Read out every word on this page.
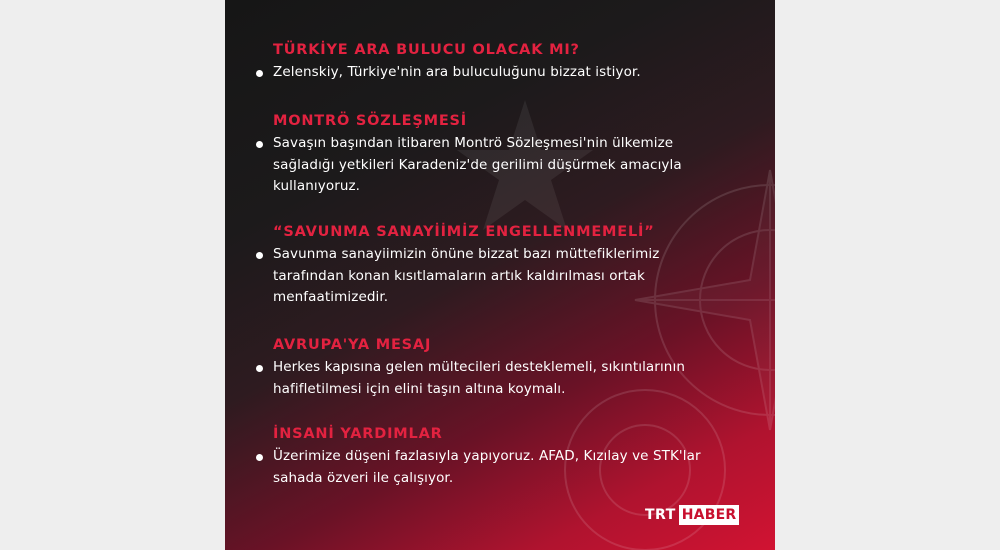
TÜRKİYE ARA BULUCU OLACAK MI?
Zelenskiy, Türkiye'nin ara buluculuğunu bizzat istiyor.
MONTRÖ SÖZLEŞMESİ
Savaşın başından itibaren Montrö Sözleşmesi'nin ülkemize
sağladığı yetkileri Karadeniz'de gerilimi düşürmek amacıyla
kullanıyoruz.
“SAVUNMA SANAYİİMİZ ENGELLENMEMELİ”
Savunma sanayiimizin önüne bizzat bazı müttefiklerimiz
tarafından konan kısıtlamaların artık kaldırılması ortak
menfaatimizedir.
AVRUPA'YA MESAJ
Herkes kapısına gelen mültecileri desteklemeli, sıkıntılarının
hafifletilmesi için elini taşın altına koymalı.
İNSANİ YARDIMLAR
Üzerimize düşeni fazlasıyla yapıyoruz. AFAD, Kızılay ve STK'lar
sahada özveri ile çalışıyor.
TRT HABER
